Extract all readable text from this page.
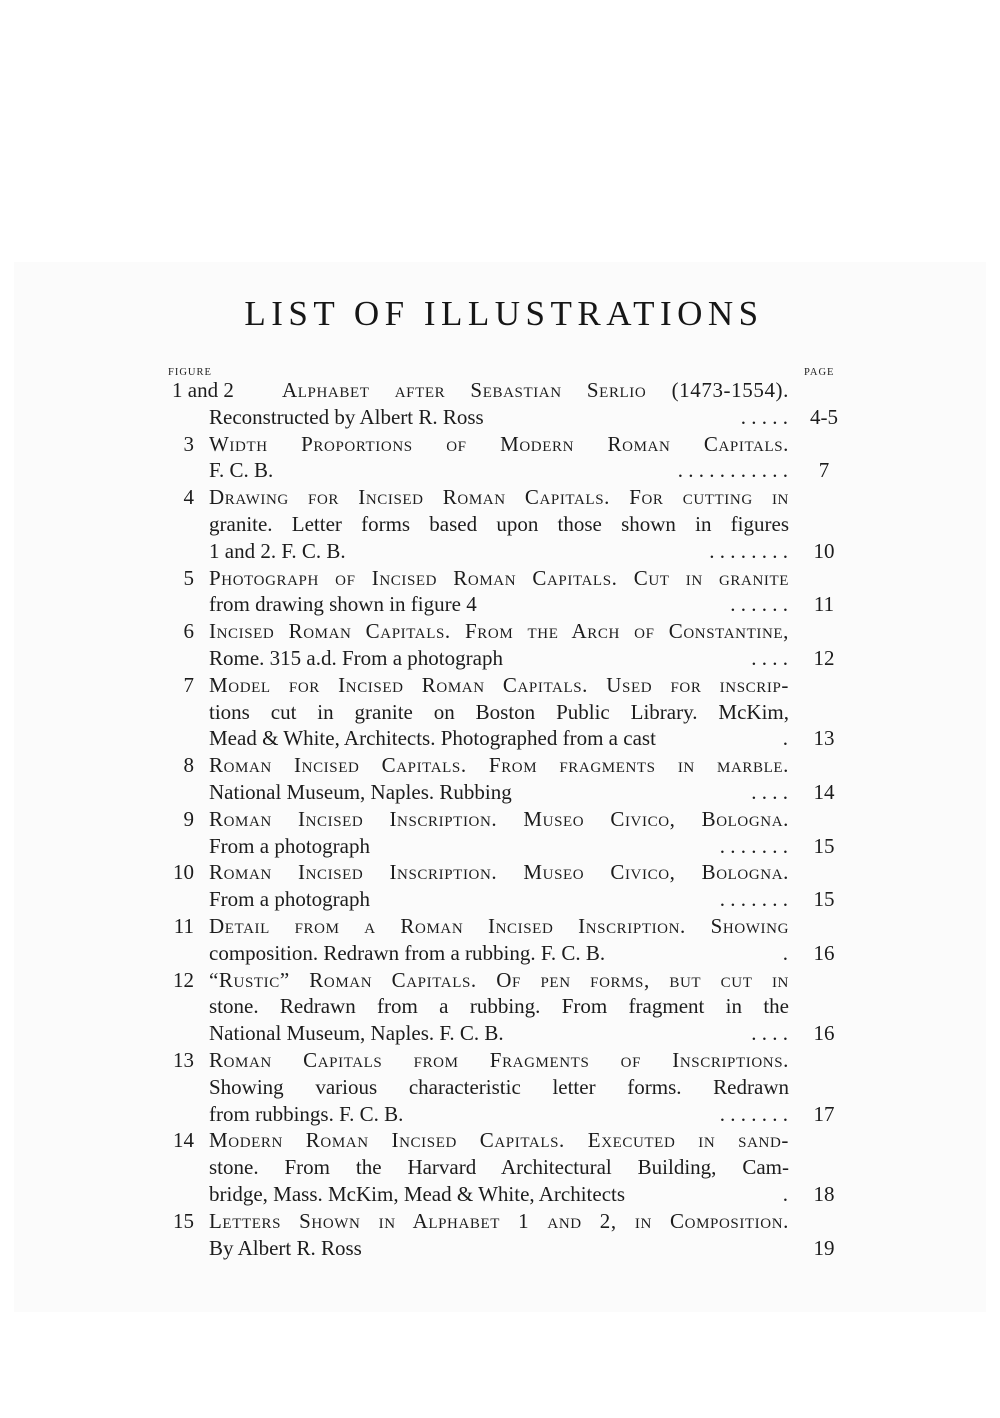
LIST OF ILLUSTRATIONS
FIGURE	PAGE
1 and 2 Alphabet after Sebastian Serlio (1473-1554).
Reconstructed by Albert R. Ross	. . . . . 4-5
3 Width Proportions of Modern Roman Capitals.
F. C. B.	. . . . . . . . . . .	7
4 Drawing for Incised Roman Capitals. For cutting in
granite. Letter forms based upon those shown in figures
1 and 2. F. C. B.	. . . . . . . .	10
5 Photograph of Incised Roman Capitals. Cut in granite
from drawing shown in figure 4	. . . . . .	11
6 Incised Roman Capitals. From the Arch of Constantine,
Rome. 315 a.d. From a photograph	. . . .	12
7 Model for Incised Roman Capitals. Used for inscrip-
tions cut in granite on Boston Public Library. McKim,
Mead & White, Architects. Photographed from a cast	.	13
8 Roman Incised Capitals. From fragments in marble.
National Museum, Naples. Rubbing	. . . .	14
9 Roman Incised Inscription. Museo Civico, Bologna.
From a photograph	. . . . . . .	15
10 Roman Incised Inscription. Museo Civico, Bologna.
From a photograph	. . . . . . .	15
11 Detail from a Roman Incised Inscription. Showing
composition. Redrawn from a rubbing. F. C. B.	.	16
12 “Rustic” Roman Capitals. Of pen forms, but cut in
stone. Redrawn from a rubbing. From fragment in the
National Museum, Naples. F. C. B.	. . . .	16
13 Roman Capitals from Fragments of Inscriptions.
Showing various characteristic letter forms. Redrawn
from rubbings. F. C. B.	. . . . . . .	17
14 Modern Roman Incised Capitals. Executed in sand-
stone. From the Harvard Architectural Building, Cam-
bridge, Mass. McKim, Mead & White, Architects	.	18
15 Letters Shown in Alphabet 1 and 2, in Composition.
By Albert R. Ross	19
